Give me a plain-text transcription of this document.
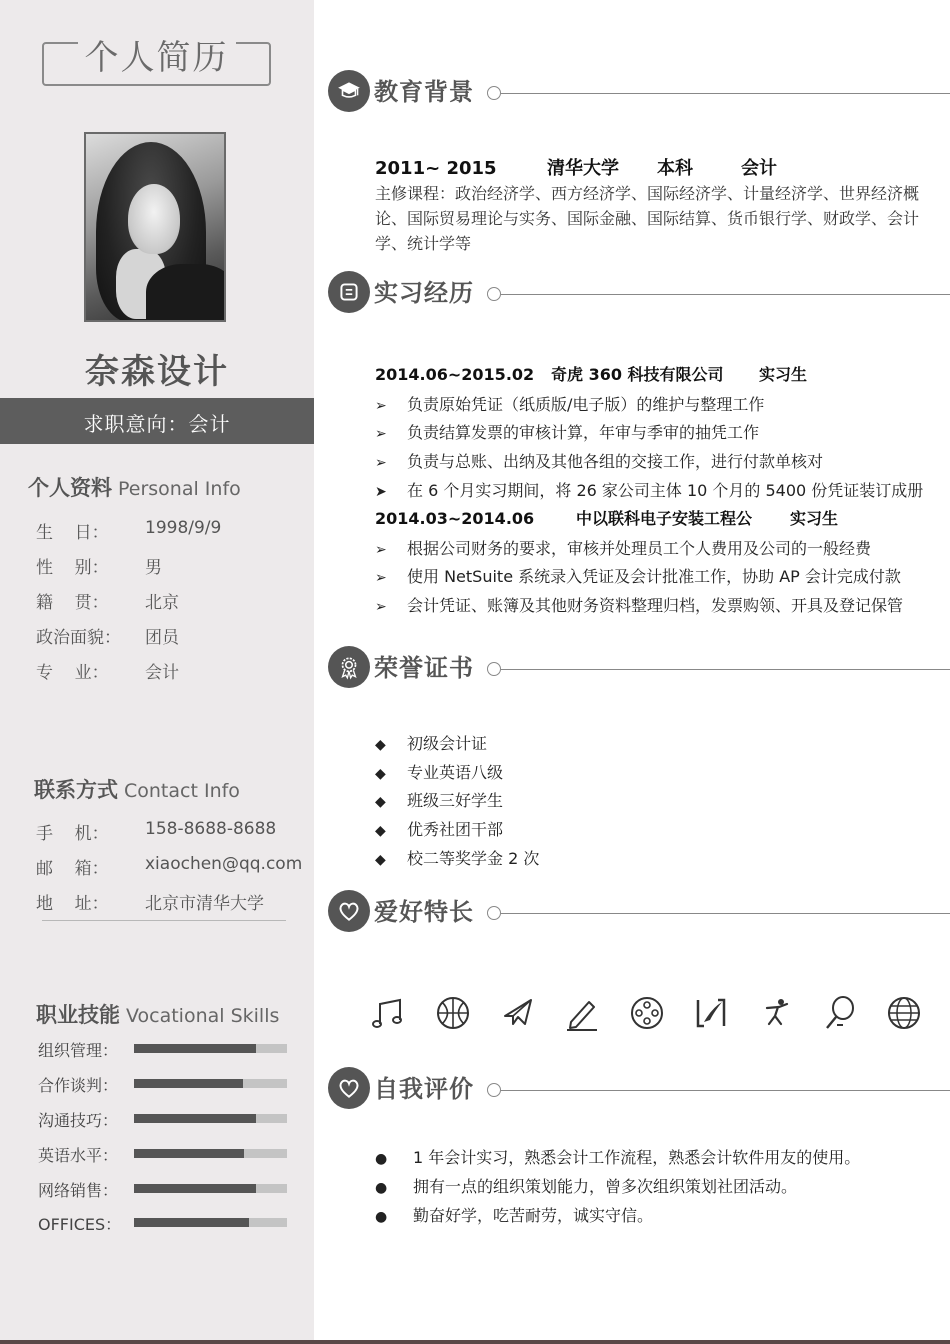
个人简历
奈森设计
求职意向：会计
个人资料 Personal Info
生    日： 1998/9/9
性    别： 男
籍    贯： 北京
政治面貌： 团员
专    业： 会计
联系方式 Contact Info
手    机： 158-8688-8688
邮    箱： xiaochen@qq.com
地    址： 北京市清华大学
职业技能 Vocational Skills
组织管理：
合作谈判：
沟通技巧：
英语水平：
网络销售：
OFFICES：
教育背景
2011~ 2015	清华大学 本科	会计
主修课程：政治经济学、西方经济学、国际经济学、计量经济学、世界经济概论、国际贸易理论与实务、国际金融、国际结算、货币银行学、财政学、会计学、统计学等
实习经历
2014.06~2015.02 奇虎 360 科技有限公司 实习生
➢ 负责原始凭证（纸质版/电子版）的维护与整理工作
➢ 负责结算发票的审核计算，年审与季审的抽凭工作
➢ 负责与总账、出纳及其他各组的交接工作，进行付款单核对
➤ 在 6 个月实习期间，将 26 家公司主体 10 个月的 5400 份凭证装订成册
2014.03~2014.06	中以联科电子安装工程公 实习生
➢ 根据公司财务的要求，审核并处理员工个人费用及公司的一般经费
➢ 使用 NetSuite 系统录入凭证及会计批准工作，协助 AP 会计完成付款
➢ 会计凭证、账簿及其他财务资料整理归档，发票购领、开具及登记保管
荣誉证书
◆ 初级会计证
◆ 专业英语八级
◆ 班级三好学生
◆ 优秀社团干部
◆ 校二等奖学金 2 次
爱好特长
自我评价
● 1 年会计实习，熟悉会计工作流程，熟悉会计软件用友的使用。
● 拥有一点的组织策划能力，曾多次组织策划社团活动。
● 勤奋好学，吃苦耐劳，诚实守信。
